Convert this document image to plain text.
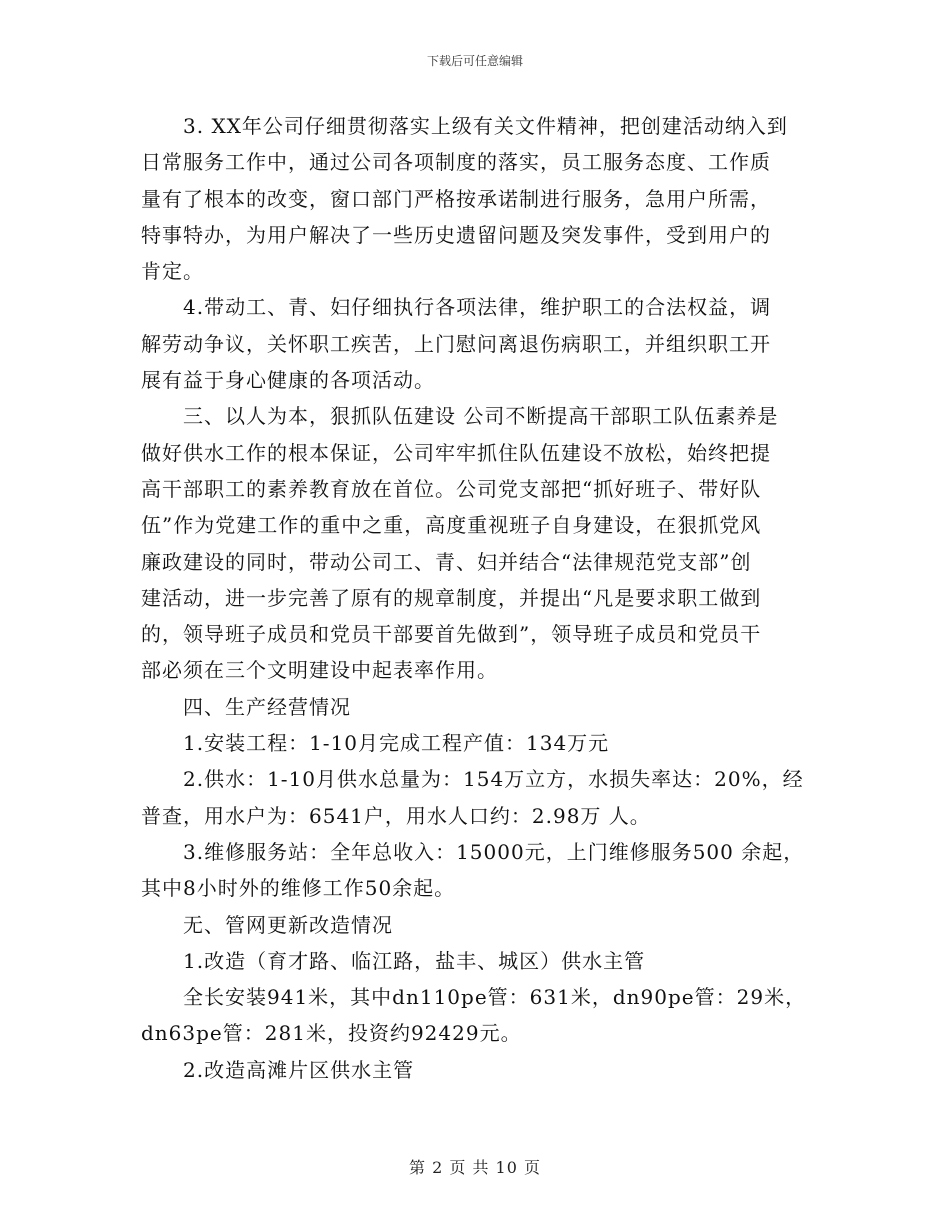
下载后可任意编辑

　　3. XX年公司仔细贯彻落实上级有关文件精神，把创建活动纳入到

日常服务工作中，通过公司各项制度的落实，员工服务态度、工作质

量有了根本的改变，窗口部门严格按承诺制进行服务，急用户所需，

特事特办，为用户解决了一些历史遗留问题及突发事件，受到用户的

肯定。

　　4.带动工、青、妇仔细执行各项法律，维护职工的合法权益，调

解劳动争议，关怀职工疾苦，上门慰问离退伤病职工，并组织职工开

展有益于身心健康的各项活动。

　　三、以人为本，狠抓队伍建设 公司不断提高干部职工队伍素养是

做好供水工作的根本保证，公司牢牢抓住队伍建设不放松，始终把提

高干部职工的素养教育放在首位。公司党支部把“抓好班子、带好队

伍”作为党建工作的重中之重，高度重视班子自身建设，在狠抓党风

廉政建设的同时，带动公司工、青、妇并结合“法律规范党支部”创

建活动，进一步完善了原有的规章制度，并提出“凡是要求职工做到

的，领导班子成员和党员干部要首先做到”，领导班子成员和党员干

部必须在三个文明建设中起表率作用。

　　四、生产经营情况

　　1.安装工程：1-10月完成工程产值：134万元

　　2.供水：1-10月供水总量为：154万立方，水损失率达：20%，经

普查，用水户为：6541户，用水人口约：2.98万 人。

　　3.维修服务站：全年总收入：15000元，上门维修服务500 余起，

其中8小时外的维修工作50余起。

　　无、管网更新改造情况

　　1.改造（育才路、临江路，盐丰、城区）供水主管

　　全长安装941米，其中dn110pe管：631米，dn90pe管：29米，

dn63pe管：281米，投资约92429元。

　　2.改造高滩片区供水主管

第 2 页 共 10 页
